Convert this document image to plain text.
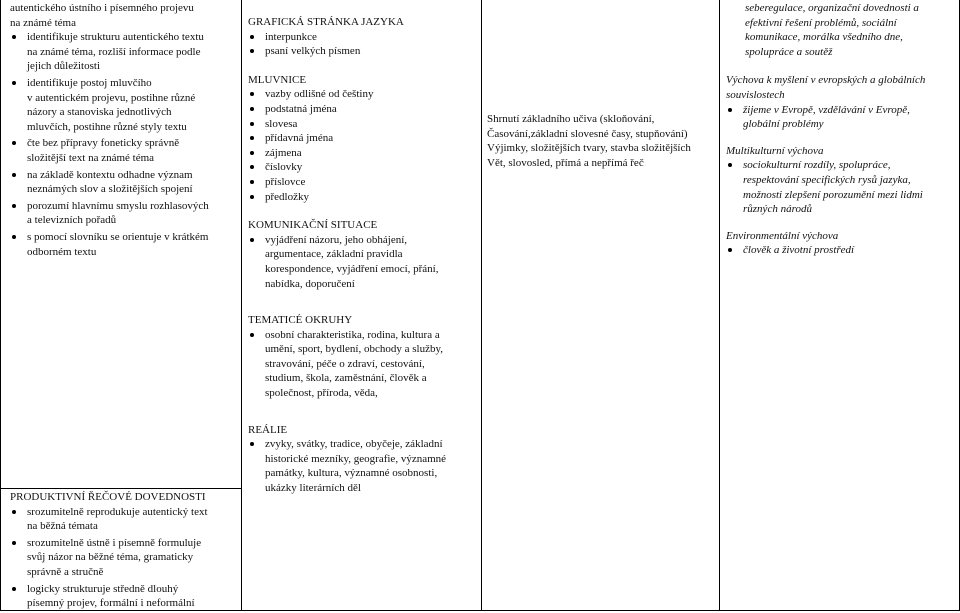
autentického ústního i písemného projevu
na známé téma
identifikuje strukturu autentického textu
na známé téma, rozliší informace podle
jejich důležitosti
identifikuje postoj mluvčího
v autentickém projevu, postihne různé
názory a stanoviska jednotlivých
mluvčích, postihne různé styly textu
čte bez přípravy foneticky správně
složitější text na známé téma
na základě kontextu odhadne význam
neznámých slov a složitějších spojení
porozumí hlavnímu smyslu rozhlasových
a televizních pořadů
s pomocí slovníku se orientuje v krátkém
odborném textu
PRODUKTIVNÍ ŘEČOVÉ DOVEDNOSTI
srozumitelně reprodukuje autentický text
na běžná témata
srozumitelně ústně i písemně formuluje
svůj názor na běžné téma, gramaticky
správně a stručně
logicky strukturuje středně dlouhý
písemný projev, formální i neformální
GRAFICKÁ STRÁNKA JAZYKA
interpunkce
psaní velkých písmen
MLUVNICE
vazby odlišné od češtiny
podstatná jména
slovesa
přídavná jména
zájmena
číslovky
příslovce
předložky
KOMUNIKAČNÍ SITUACE
vyjádření názoru, jeho obhájení,
argumentace, základní pravidla
korespondence, vyjádření emocí, přání,
nabídka, doporučení
TEMATICÉ OKRUHY
osobní charakteristika, rodina, kultura a
umění, sport, bydlení, obchody a služby,
stravování, péče o zdraví, cestování,
studium, škola, zaměstnání, člověk a
společnost, příroda, věda,
REÁLIE
zvyky, svátky, tradice, obyčeje, základní
historické mezníky, geografie, významné
památky, kultura, významné osobnosti,
ukázky literárních děl
Shrnutí základního učiva (skloňování,
Časování,základní slovesné časy, stupňování)
Výjimky, složitějších tvary, stavba složitějších
Vět, slovosled, přímá a nepřímá řeč
seberegulace, organizační dovednosti a
efektivní řešení problémů, sociální
komunikace, morálka všedního dne,
spolupráce a soutěž
Výchova k myšlení v evropských a globálních
souvislostech
žijeme v Evropě, vzdělávání v Evropě,
globální problémy
Multikulturní výchova
sociokulturní rozdíly, spolupráce,
respektování specifických rysů jazyka,
možnosti zlepšení porozumění mezi lidmi
různých národů
Environmentální výchova
člověk a životní prostředí
